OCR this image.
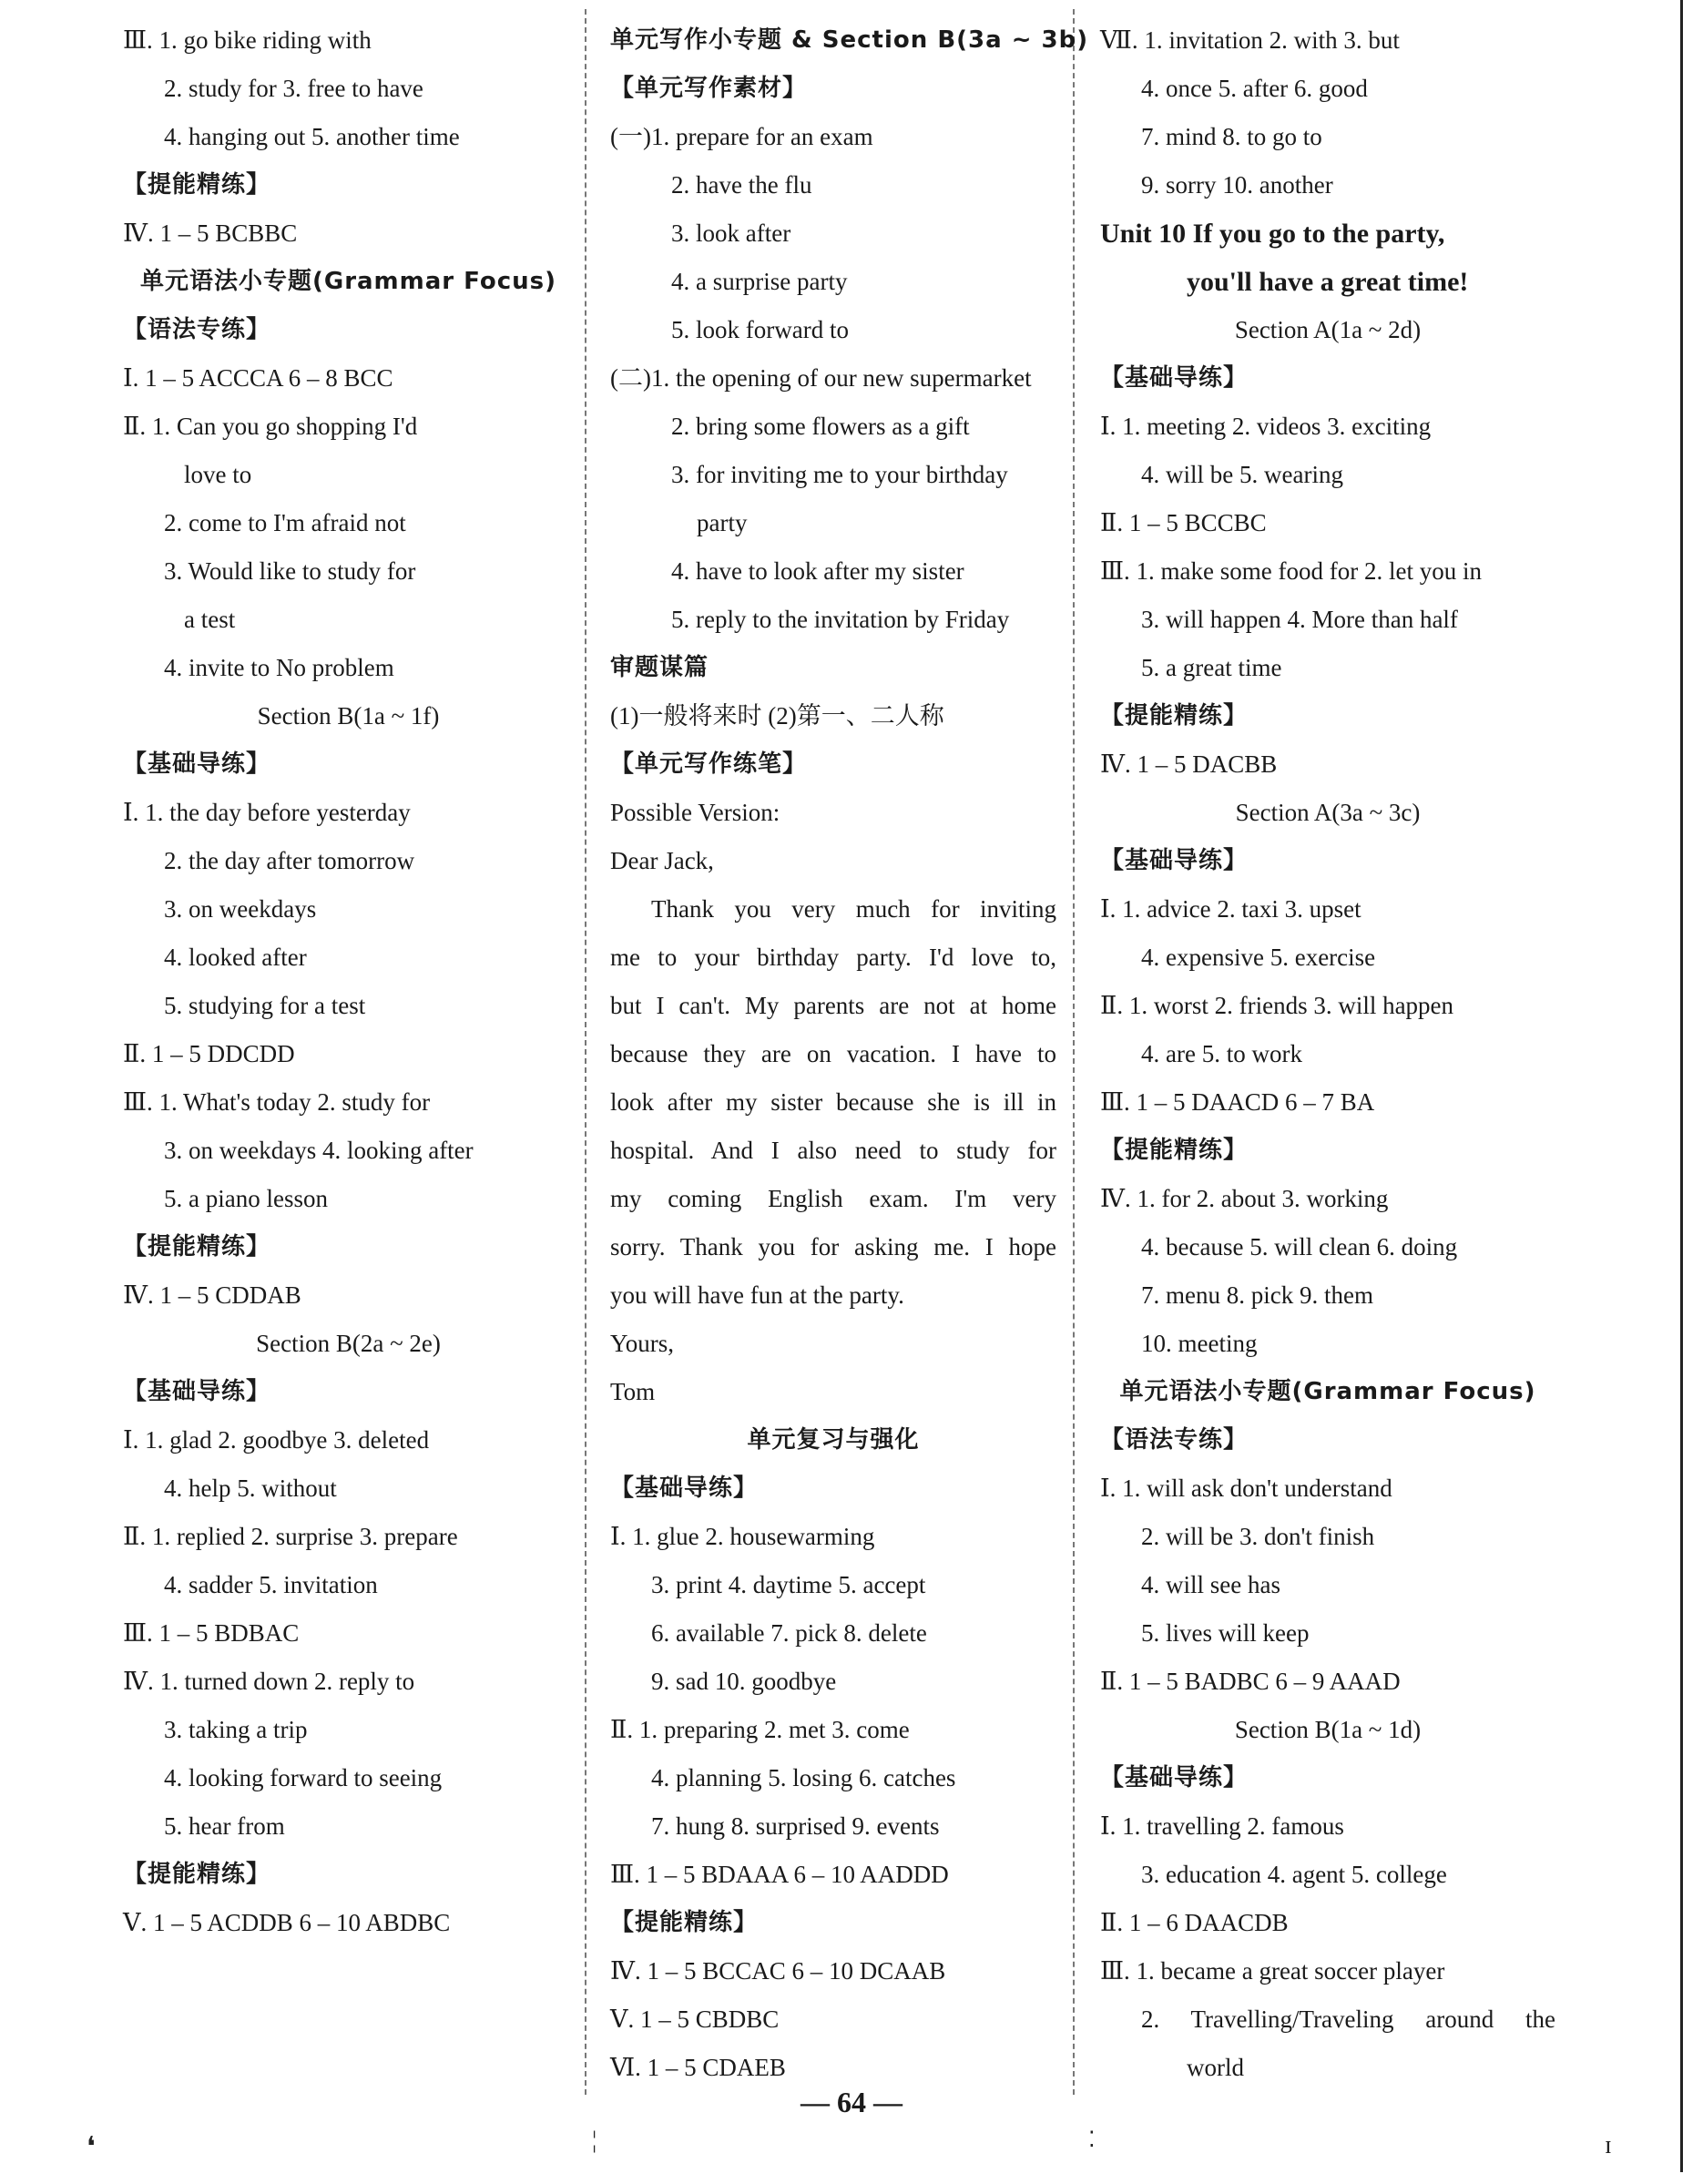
Ⅲ. 1. go bike riding with
2. study for 3. free to have
4. hanging out 5. another time
【提能精练】
Ⅳ. 1 – 5 BCBBC
单元语法小专题(Grammar Focus)
【语法专练】
Ⅰ. 1 – 5 ACCCA 6 – 8 BCC
Ⅱ. 1. Can you go shopping I'd
love to
2. come to I'm afraid not
3. Would like to study for
a test
4. invite to No problem
Section B(1a ~ 1f)
【基础导练】
Ⅰ. 1. the day before yesterday
2. the day after tomorrow
3. on weekdays
4. looked after
5. studying for a test
Ⅱ. 1 – 5 DDCDD
Ⅲ. 1. What's today 2. study for
3. on weekdays 4. looking after
5. a piano lesson
【提能精练】
Ⅳ. 1 – 5 CDDAB
Section B(2a ~ 2e)
【基础导练】
Ⅰ. 1. glad 2. goodbye 3. deleted
4. help 5. without
Ⅱ. 1. replied 2. surprise 3. prepare
4. sadder 5. invitation
Ⅲ. 1 – 5 BDBAC
Ⅳ. 1. turned down 2. reply to
3. taking a trip
4. looking forward to seeing
5. hear from
【提能精练】
Ⅴ. 1 – 5 ACDDB 6 – 10 ABDBC
单元写作小专题 & Section B(3a ~ 3b)
【单元写作素材】
(一)1. prepare for an exam
2. have the flu
3. look after
4. a surprise party
5. look forward to
(二)1. the opening of our new supermarket
2. bring some flowers as a gift
3. for inviting me to your birthday
party
4. have to look after my sister
5. reply to the invitation by Friday
审题谋篇
(1)一般将来时 (2)第一、二人称
【单元写作练笔】
Possible Version:
Dear Jack,
Thank you very much for inviting
me to your birthday party. I'd love to,
but I can't. My parents are not at home
because they are on vacation. I have to
look after my sister because she is ill in
hospital. And I also need to study for
my coming English exam. I'm very
sorry. Thank you for asking me. I hope
you will have fun at the party.
Yours,
Tom
单元复习与强化
【基础导练】
Ⅰ. 1. glue 2. housewarming
3. print 4. daytime 5. accept
6. available 7. pick 8. delete
9. sad 10. goodbye
Ⅱ. 1. preparing 2. met 3. come
4. planning 5. losing 6. catches
7. hung 8. surprised 9. events
Ⅲ. 1 – 5 BDAAA 6 – 10 AADDD
【提能精练】
Ⅳ. 1 – 5 BCCAC 6 – 10 DCAAB
Ⅴ. 1 – 5 CBDBC
Ⅵ. 1 – 5 CDAEB
Ⅶ. 1. invitation 2. with 3. but
4. once 5. after 6. good
7. mind 8. to go to
9. sorry 10. another
Unit 10 If you go to the party,
you'll have a great time!
Section A(1a ~ 2d)
【基础导练】
Ⅰ. 1. meeting 2. videos 3. exciting
4. will be 5. wearing
Ⅱ. 1 – 5 BCCBC
Ⅲ. 1. make some food for 2. let you in
3. will happen 4. More than half
5. a great time
【提能精练】
Ⅳ. 1 – 5 DACBB
Section A(3a ~ 3c)
【基础导练】
Ⅰ. 1. advice 2. taxi 3. upset
4. expensive 5. exercise
Ⅱ. 1. worst 2. friends 3. will happen
4. are 5. to work
Ⅲ. 1 – 5 DAACD 6 – 7 BA
【提能精练】
Ⅳ. 1. for 2. about 3. working
4. because 5. will clean 6. doing
7. menu 8. pick 9. them
10. meeting
单元语法小专题(Grammar Focus)
【语法专练】
Ⅰ. 1. will ask don't understand
2. will be 3. don't finish
4. will see has
5. lives will keep
Ⅱ. 1 – 5 BADBC 6 – 9 AAAD
Section B(1a ~ 1d)
【基础导练】
Ⅰ. 1. travelling 2. famous
3. education 4. agent 5. college
Ⅱ. 1 – 6 DAACDB
Ⅲ. 1. became a great soccer player
2. Travelling/Traveling around the
world
— 64 —
❛	¦	⁚	ɪ
